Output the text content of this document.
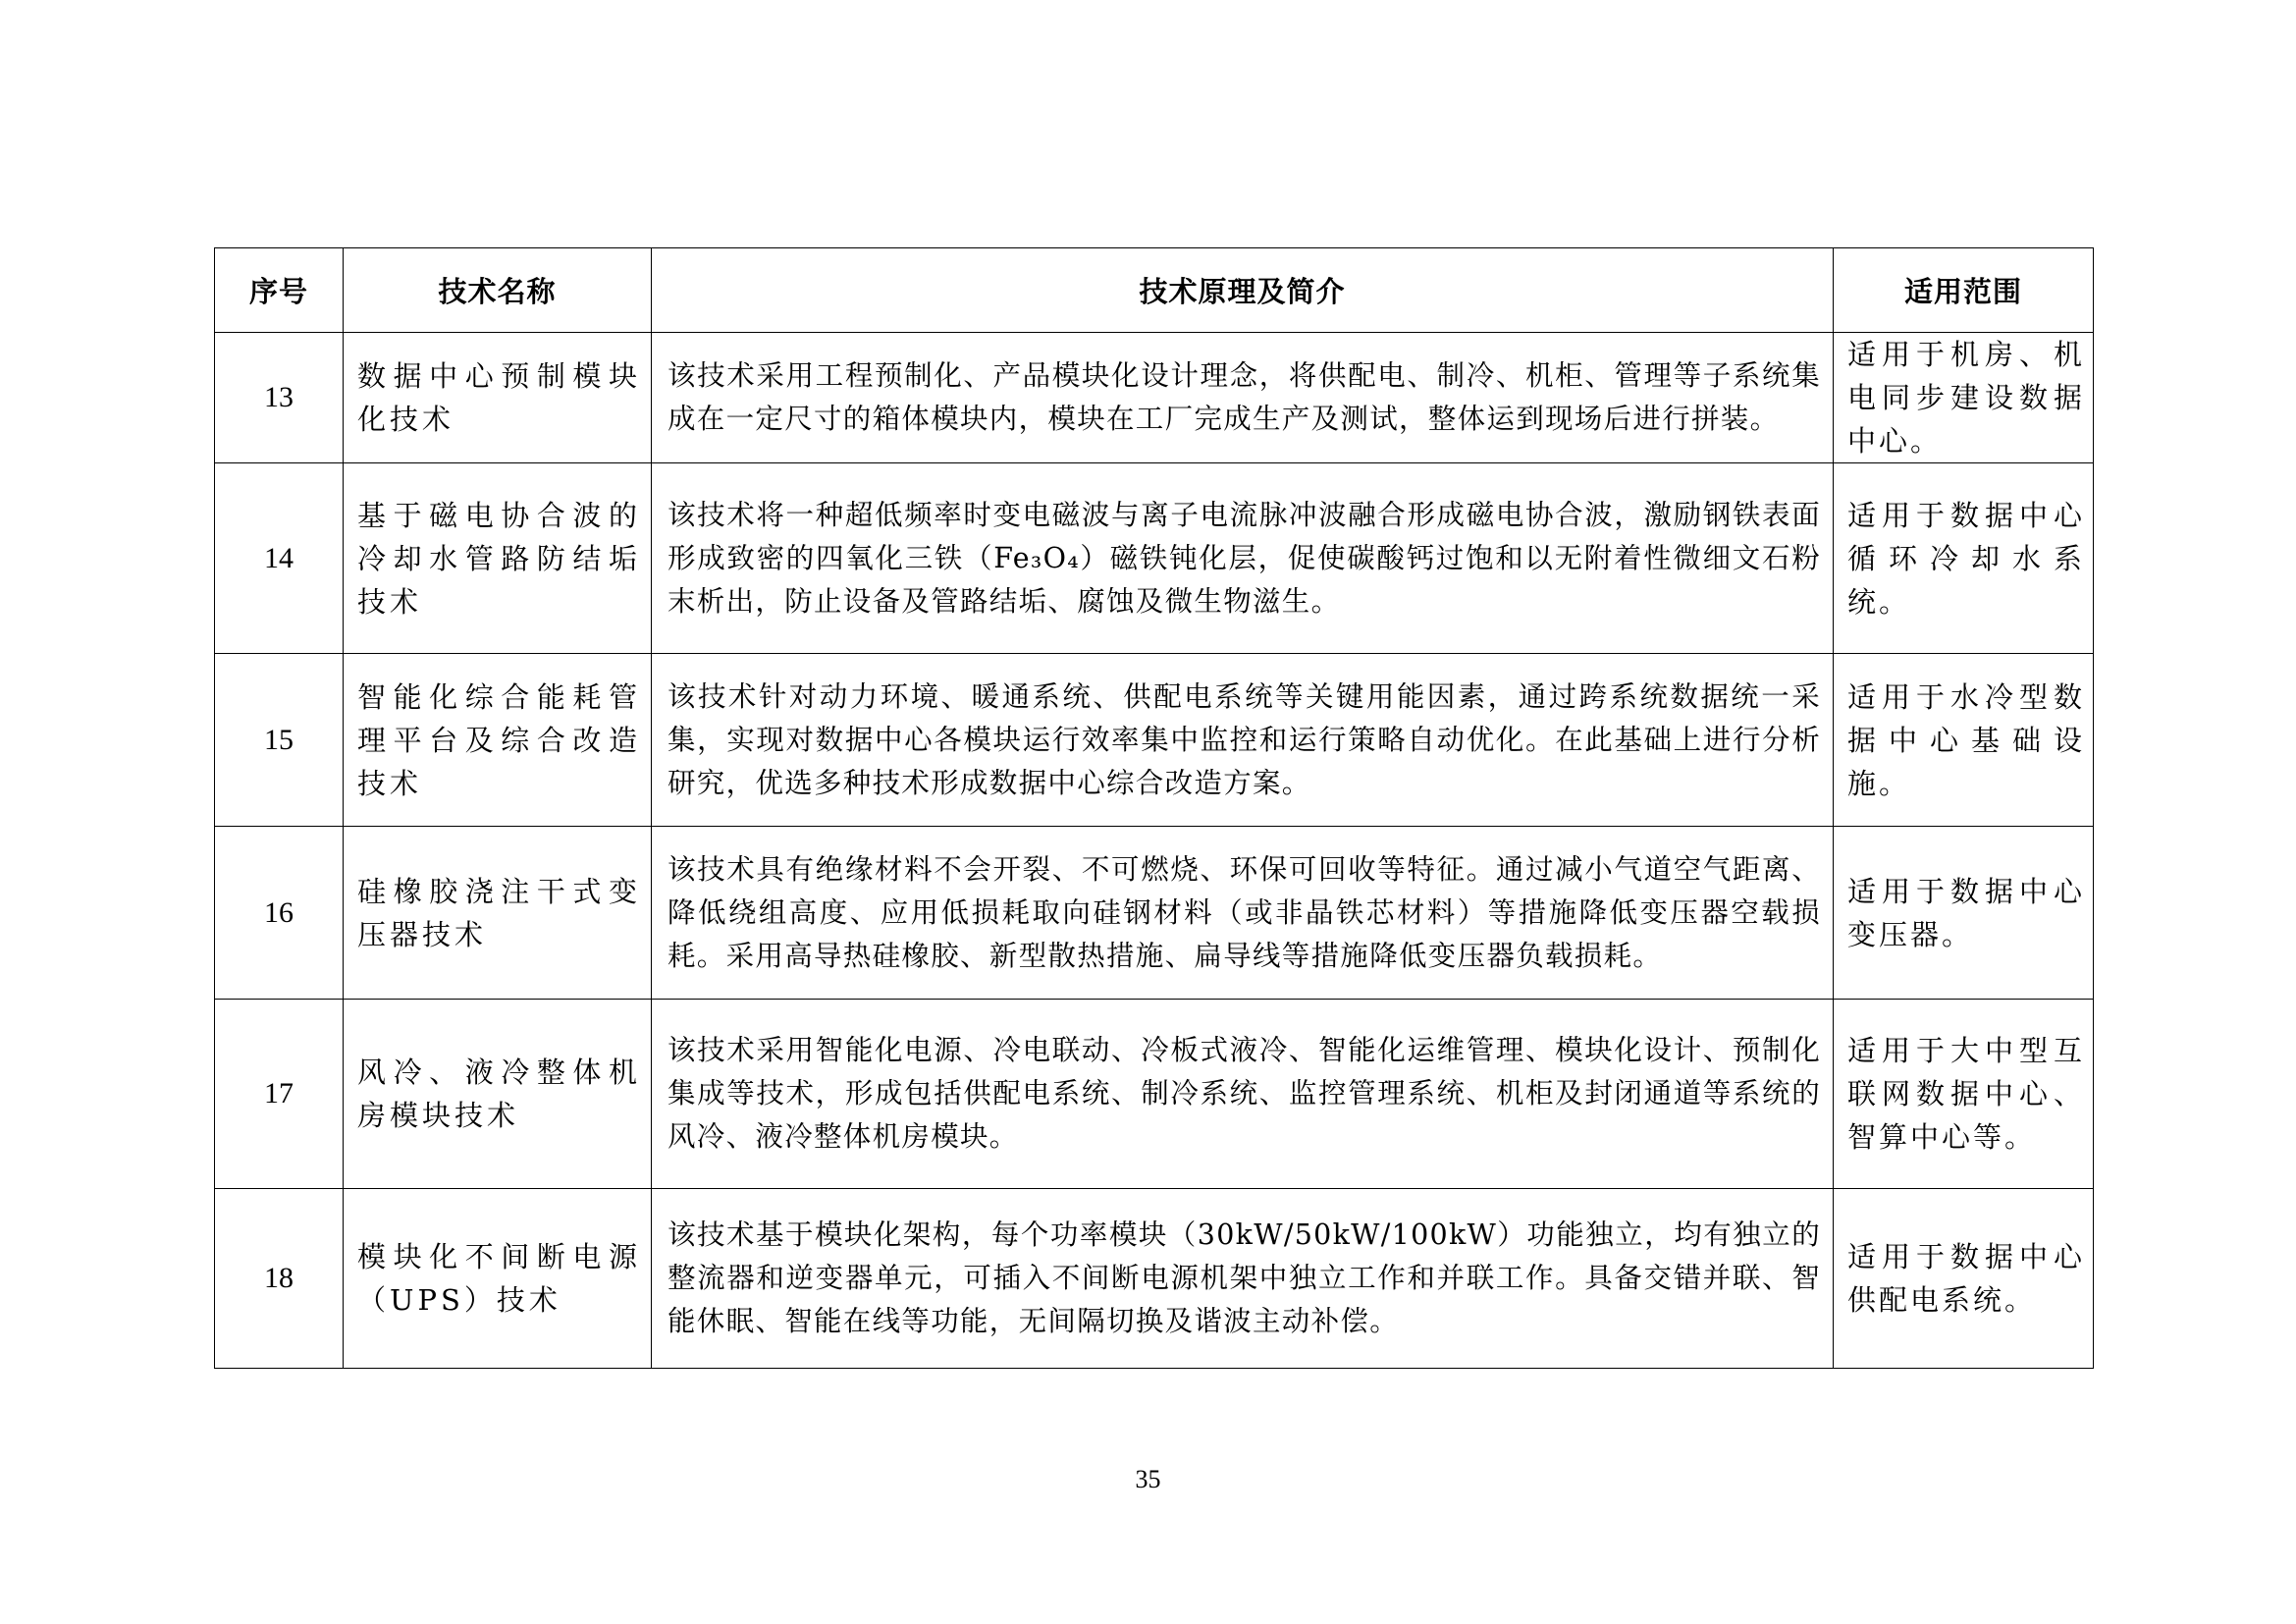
序号	技术名称	技术原理及简介	适用范围
13	数据中心预制模块化技术	该技术采用工程预制化、产品模块化设计理念，将供配电、制冷、机柜、管理等子系统集成在一定尺寸的箱体模块内，模块在工厂完成生产及测试，整体运到现场后进行拼装。	适用于机房、机电同步建设数据中心。
14	基于磁电协合波的冷却水管路防结垢技术	该技术将一种超低频率时变电磁波与离子电流脉冲波融合形成磁电协合波，激励钢铁表面形成致密的四氧化三铁（Fe₃O₄）磁铁钝化层，促使碳酸钙过饱和以无附着性微细文石粉末析出，防止设备及管路结垢、腐蚀及微生物滋生。	适用于数据中心循环冷却水系统。
15	智能化综合能耗管理平台及综合改造技术	该技术针对动力环境、暖通系统、供配电系统等关键用能因素，通过跨系统数据统一采集，实现对数据中心各模块运行效率集中监控和运行策略自动优化。在此基础上进行分析研究，优选多种技术形成数据中心综合改造方案。	适用于水冷型数据中心基础设施。
16	硅橡胶浇注干式变压器技术	该技术具有绝缘材料不会开裂、不可燃烧、环保可回收等特征。通过减小气道空气距离、降低绕组高度、应用低损耗取向硅钢材料（或非晶铁芯材料）等措施降低变压器空载损耗。采用高导热硅橡胶、新型散热措施、扁导线等措施降低变压器负载损耗。	适用于数据中心变压器。
17	风冷、液冷整体机房模块技术	该技术采用智能化电源、冷电联动、冷板式液冷、智能化运维管理、模块化设计、预制化集成等技术，形成包括供配电系统、制冷系统、监控管理系统、机柜及封闭通道等系统的风冷、液冷整体机房模块。	适用于大中型互联网数据中心、智算中心等。
18	模块化不间断电源（UPS）技术	该技术基于模块化架构，每个功率模块（30kW/50kW/100kW）功能独立，均有独立的整流器和逆变器单元，可插入不间断电源机架中独立工作和并联工作。具备交错并联、智能休眠、智能在线等功能，无间隔切换及谐波主动补偿。	适用于数据中心供配电系统。
35
